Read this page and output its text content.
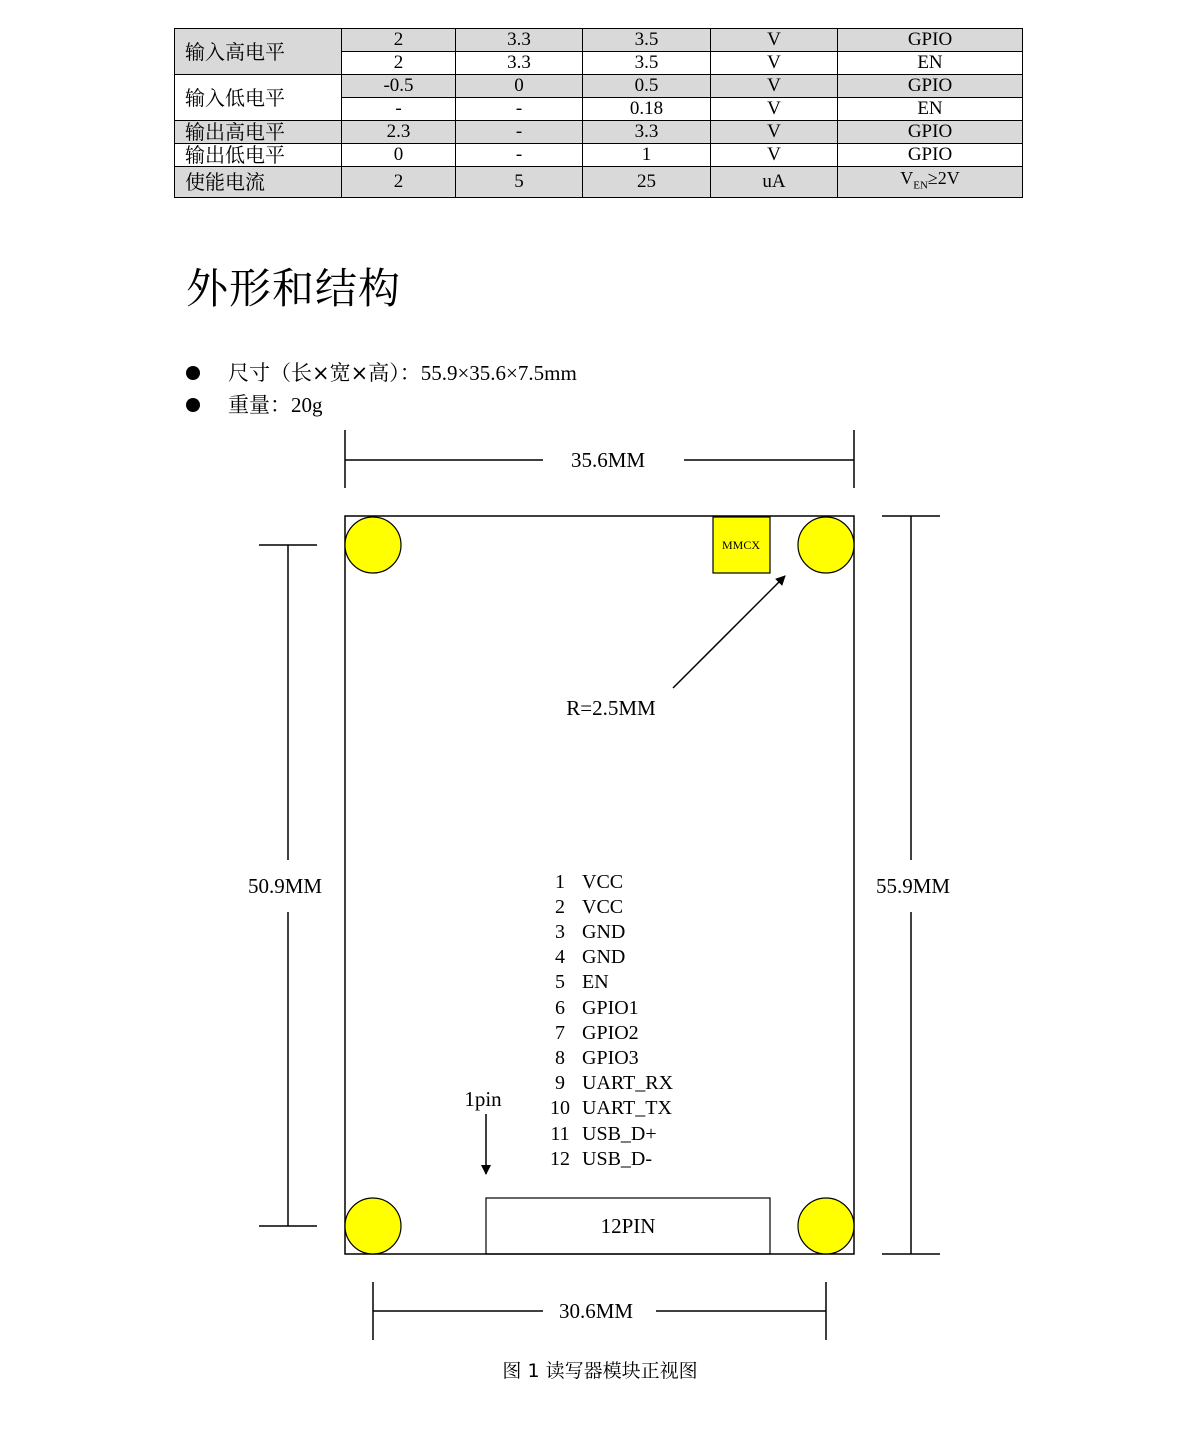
输入高电平	2	3.3	3.5	V	GPIO
	2	3.3	3.5	V	EN
输入低电平	-0.5	0	0.5	V	GPIO
	-	-	0.18	V	EN
输出高电平	2.3	-	3.3	V	GPIO
输出低电平	0	-	1	V	GPIO
使能电流	2	5	25	uA	$V_{EN}\ge 2V$
外形和结构
尺寸（长×宽×高）：55.9×35.6×7.5mm
重量：20g
35.6MM
MMCX
R=2.5MM
50.9MM	55.9MM
1 VCC
2 VCC
3 GND
4 GND
5 EN
6 GPIO1
7 GPIO2
8 GPIO3
9 UART_RX
10 UART_TX
11 USB_D+
12 USB_D-
1pin
12PIN
30.6MM
图 1 读写器模块正视图
